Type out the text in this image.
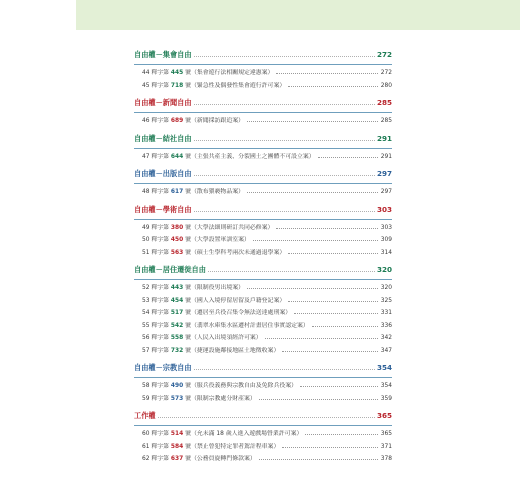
自由權－集會自由	272
44 釋字第 445 號（集會遊行法相關規定違憲案）	272
45 釋字第 718 號（緊急性及偶發性集會遊行許可案）	280
自由權－新聞自由	285
46 釋字第 689 號（新聞採訪跟追案）	285
自由權－結社自由	291
47 釋字第 644 號（主張共產主義、分裂國土之團體不可設立案）	291
自由權－出版自由	297
48 釋字第 617 號（散布猥褻物品案）	297
自由權－學術自由	303
49 釋字第 380 號（大學法細則研訂共同必修案）	303
50 釋字第 450 號（大學設置軍訓室案）	309
51 釋字第 563 號（碩士生學科考兩次未通過退學案）	314
自由權－居住遷徙自由	320
52 釋字第 443 號（限制役男出境案）	320
53 釋字第 454 號（國人入境停留居留及戶籍登記案）	325
54 釋字第 517 號（遷居至兵役召集令無法送達處刑案）	331
55 釋字第 542 號（翡翠水庫集水區遷村計畫居住事實認定案）	336
56 釋字第 558 號（人民入出境須經許可案）	342
57 釋字第 732 號（捷運設施鄰接地區土地徵收案）	347
自由權－宗教自由	354
58 釋字第 490 號（服兵役義務與宗教自由及免除兵役案）	354
59 釋字第 573 號（限制宗教處分財產案）	359
工作權	365
60 釋字第 514 號（允未滿 18 歲人進入遊戲場營業許可案）	365
61 釋字第 584 號（禁止曾犯特定罪者駕計程車案）	371
62 釋字第 637 號（公務員旋轉門條款案）	378
